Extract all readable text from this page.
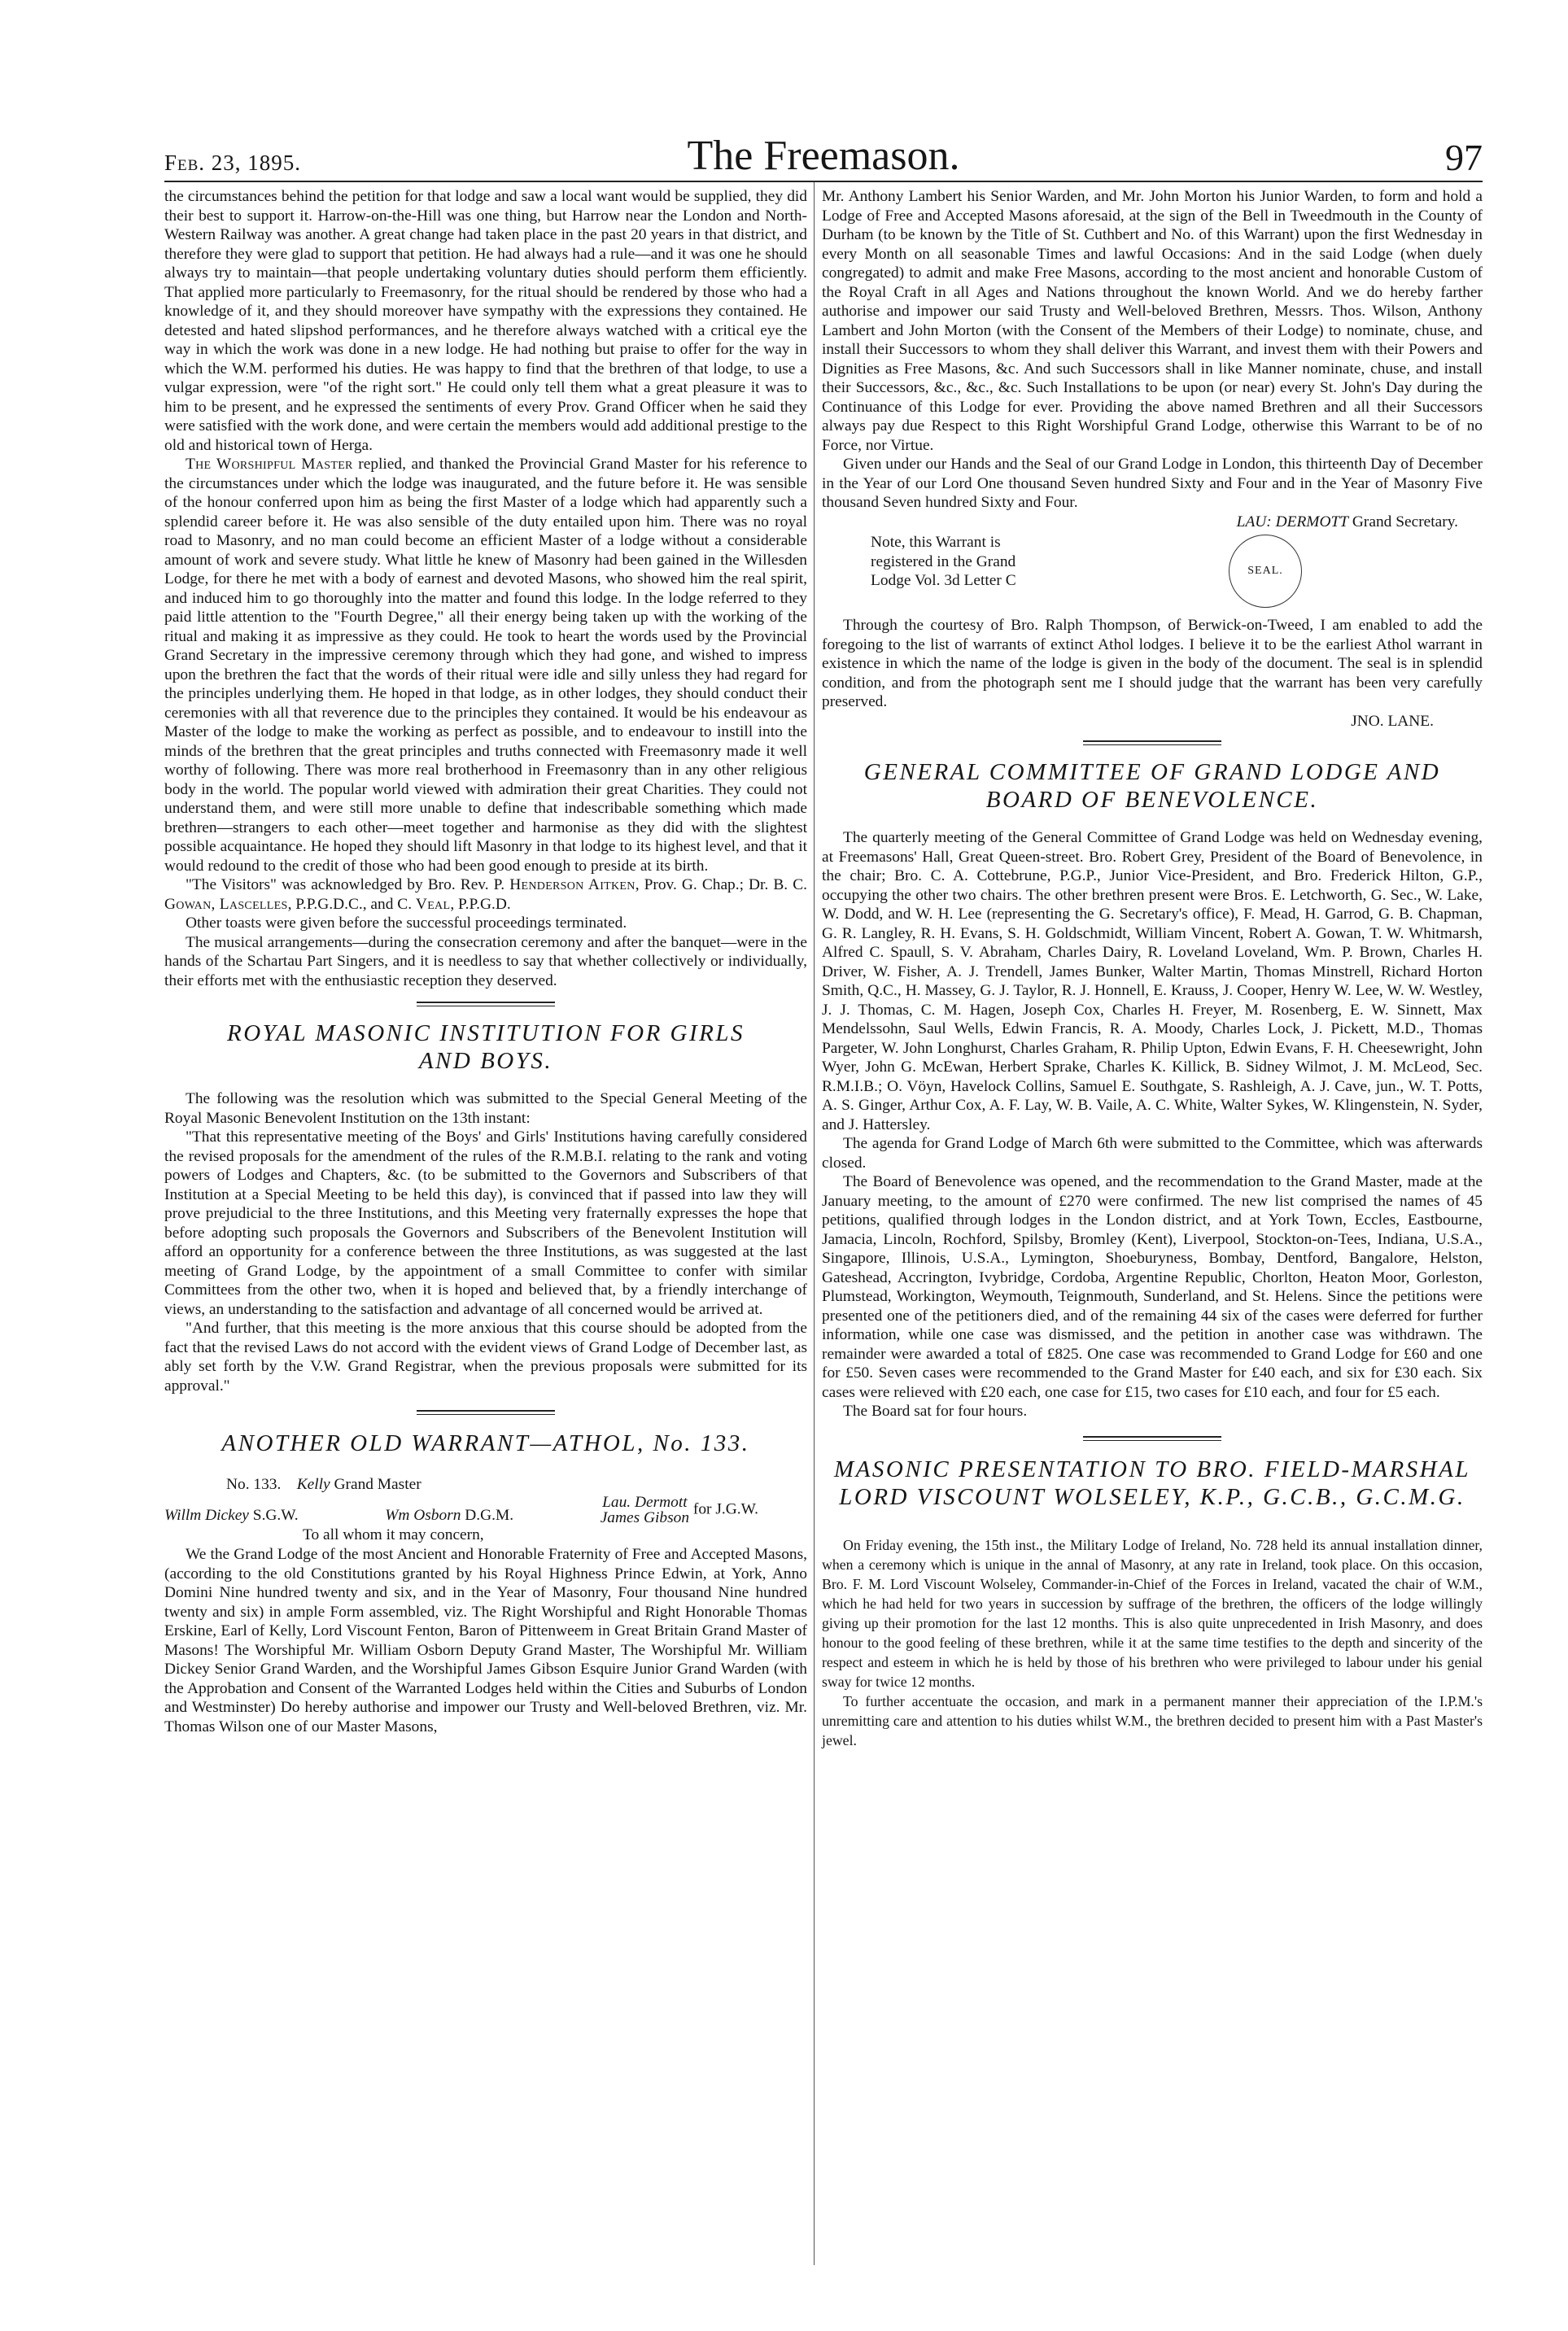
Feb. 23, 1895.	The Freemason.	97

the circumstances behind the petition for that lodge and saw a local want would be supplied, they did their best to support it. Harrow-on-the-Hill was one thing, but Harrow near the London and North-Western Railway was another. A great change had taken place in the past 20 years in that district, and therefore they were glad to support that petition. He had always had a rule—and it was one he should always try to maintain—that people undertaking voluntary duties should perform them efficiently. That applied more particularly to Freemasonry, for the ritual should be rendered by those who had a knowledge of it, and they should moreover have sympathy with the expressions they contained. He detested and hated slipshod performances, and he therefore always watched with a critical eye the way in which the work was done in a new lodge. He had nothing but praise to offer for the way in which the W.M. performed his duties. He was happy to find that the brethren of that lodge, to use a vulgar expression, were "of the right sort." He could only tell them what a great pleasure it was to him to be present, and he expressed the sentiments of every Prov. Grand Officer when he said they were satisfied with the work done, and were certain the members would add additional prestige to the old and historical town of Herga.

The Worshipful Master replied, and thanked the Provincial Grand Master for his reference to the circumstances under which the lodge was inaugurated, and the future before it. He was sensible of the honour conferred upon him as being the first Master of a lodge which had apparently such a splendid career before it. He was also sensible of the duty entailed upon him. There was no royal road to Masonry, and no man could become an efficient Master of a lodge without a considerable amount of work and severe study. What little he knew of Masonry had been gained in the Willesden Lodge, for there he met with a body of earnest and devoted Masons, who showed him the real spirit, and induced him to go thoroughly into the matter and found this lodge. In the lodge referred to they paid little attention to the "Fourth Degree," all their energy being taken up with the working of the ritual and making it as impressive as they could. He took to heart the words used by the Provincial Grand Secretary in the impressive ceremony through which they had gone, and wished to impress upon the brethren the fact that the words of their ritual were idle and silly unless they had regard for the principles underlying them. He hoped in that lodge, as in other lodges, they should conduct their ceremonies with all that reverence due to the principles they contained. It would be his endeavour as Master of the lodge to make the working as perfect as possible, and to endeavour to instill into the minds of the brethren that the great principles and truths connected with Freemasonry made it well worthy of following. There was more real brotherhood in Freemasonry than in any other religious body in the world. The popular world viewed with admiration their great Charities. They could not understand them, and were still more unable to define that indescribable something which made brethren—strangers to each other—meet together and harmonise as they did with the slightest possible acquaintance. He hoped they should lift Masonry in that lodge to its highest level, and that it would redound to the credit of those who had been good enough to preside at its birth.

"The Visitors" was acknowledged by Bro. Rev. P. Henderson Aitken, Prov. G. Chap.; Dr. B. C. Gowan, Lascelles, P.P.G.D.C., and C. Veal, P.P.G.D.

Other toasts were given before the successful proceedings terminated.

The musical arrangements—during the consecration ceremony and after the banquet—were in the hands of the Schartau Part Singers, and it is needless to say that whether collectively or individually, their efforts met with the enthusiastic reception they deserved.

ROYAL MASONIC INSTITUTION FOR GIRLS
AND BOYS.

The following was the resolution which was submitted to the Special General Meeting of the Royal Masonic Benevolent Institution on the 13th instant:

"That this representative meeting of the Boys' and Girls' Institutions having carefully considered the revised proposals for the amendment of the rules of the R.M.B.I. relating to the rank and voting powers of Lodges and Chapters, &c. (to be submitted to the Governors and Subscribers of that Institution at a Special Meeting to be held this day), is convinced that if passed into law they will prove prejudicial to the three Institutions, and this Meeting very fraternally expresses the hope that before adopting such proposals the Governors and Subscribers of the Benevolent Institution will afford an opportunity for a conference between the three Institutions, as was suggested at the last meeting of Grand Lodge, by the appointment of a small Committee to confer with similar Committees from the other two, when it is hoped and believed that, by a friendly interchange of views, an understanding to the satisfaction and advantage of all concerned would be arrived at.

"And further, that this meeting is the more anxious that this course should be adopted from the fact that the revised Laws do not accord with the evident views of Grand Lodge of December last, as ably set forth by the V.W. Grand Registrar, when the previous proposals were submitted for its approval."

ANOTHER OLD WARRANT—ATHOL, No. 133.
No. 133. Kelly Grand Master
Willm Dickey S.G.W.	Wm Osborn D.G.M.
Lau. Dermott
James Gibson for J.G.W.
To all whom it may concern,

We the Grand Lodge of the most Ancient and Honorable Fraternity of Free and Accepted Masons, (according to the old Constitutions granted by his Royal Highness Prince Edwin, at York, Anno Domini Nine hundred twenty and six, and in the Year of Masonry, Four thousand Nine hundred twenty and six) in ample Form assembled, viz. The Right Worshipful and Right Honorable Thomas Erskine, Earl of Kelly, Lord Viscount Fenton, Baron of Pittenweem in Great Britain Grand Master of Masons! The Worshipful Mr. William Osborn Deputy Grand Master, The Worshipful Mr. William Dickey Senior Grand Warden, and the Worshipful James Gibson Esquire Junior Grand Warden (with the Approbation and Consent of the Warranted Lodges held within the Cities and Suburbs of London and Westminster) Do hereby authorise and impower our Trusty and Well-beloved Brethren, viz. Mr. Thomas Wilson one of our Master Masons,

Mr. Anthony Lambert his Senior Warden, and Mr. John Morton his Junior Warden, to form and hold a Lodge of Free and Accepted Masons aforesaid, at the sign of the Bell in Tweedmouth in the County of Durham (to be known by the Title of St. Cuthbert and No. of this Warrant) upon the first Wednesday in every Month on all seasonable Times and lawful Occasions: And in the said Lodge (when duely congregated) to admit and make Free Masons, according to the most ancient and honorable Custom of the Royal Craft in all Ages and Nations throughout the known World. And we do hereby farther authorise and impower our said Trusty and Well-beloved Brethren, Messrs. Thos. Wilson, Anthony Lambert and John Morton (with the Consent of the Members of their Lodge) to nominate, chuse, and install their Successors to whom they shall deliver this Warrant, and invest them with their Powers and Dignities as Free Masons, &c. And such Successors shall in like Manner nominate, chuse, and install their Successors, &c., &c., &c. Such Installations to be upon (or near) every St. John's Day during the Continuance of this Lodge for ever. Providing the above named Brethren and all their Successors always pay due Respect to this Right Worshipful Grand Lodge, otherwise this Warrant to be of no Force, nor Virtue.

Given under our Hands and the Seal of our Grand Lodge in London, this thirteenth Day of December in the Year of our Lord One thousand Seven hundred Sixty and Four and in the Year of Masonry Five thousand Seven hundred Sixty and Four.

LAU: DERMOTT Grand Secretary.
Note, this Warrant is
registered in the Grand
Lodge Vol. 3d Letter C
SEAL.

Through the courtesy of Bro. Ralph Thompson, of Berwick-on-Tweed, I am enabled to add the foregoing to the list of warrants of extinct Athol lodges. I believe it to be the earliest Athol warrant in existence in which the name of the lodge is given in the body of the document. The seal is in splendid condition, and from the photograph sent me I should judge that the warrant has been very carefully preserved.

JNO. LANE.
GENERAL COMMITTEE OF GRAND LODGE AND
BOARD OF BENEVOLENCE.

The quarterly meeting of the General Committee of Grand Lodge was held on Wednesday evening, at Freemasons' Hall, Great Queen-street. Bro. Robert Grey, President of the Board of Benevolence, in the chair; Bro. C. A. Cottebrune, P.G.P., Junior Vice-President, and Bro. Frederick Hilton, G.P., occupying the other two chairs. The other brethren present were Bros. E. Letchworth, G. Sec., W. Lake, W. Dodd, and W. H. Lee (representing the G. Secretary's office), F. Mead, H. Garrod, G. B. Chapman, G. R. Langley, R. H. Evans, S. H. Goldschmidt, William Vincent, Robert A. Gowan, T. W. Whitmarsh, Alfred C. Spaull, S. V. Abraham, Charles Dairy, R. Loveland Loveland, Wm. P. Brown, Charles H. Driver, W. Fisher, A. J. Trendell, James Bunker, Walter Martin, Thomas Minstrell, Richard Horton Smith, Q.C., H. Massey, G. J. Taylor, R. J. Honnell, E. Krauss, J. Cooper, Henry W. Lee, W. W. Westley, J. J. Thomas, C. M. Hagen, Joseph Cox, Charles H. Freyer, M. Rosenberg, E. W. Sinnett, Max Mendelssohn, Saul Wells, Edwin Francis, R. A. Moody, Charles Lock, J. Pickett, M.D., Thomas Pargeter, W. John Longhurst, Charles Graham, R. Philip Upton, Edwin Evans, F. H. Cheesewright, John Wyer, John G. McEwan, Herbert Sprake, Charles K. Killick, B. Sidney Wilmot, J. M. McLeod, Sec. R.M.I.B.; O. Vöyn, Havelock Collins, Samuel E. Southgate, S. Rashleigh, A. J. Cave, jun., W. T. Potts, A. S. Ginger, Arthur Cox, A. F. Lay, W. B. Vaile, A. C. White, Walter Sykes, W. Klingenstein, N. Syder, and J. Hattersley.

The agenda for Grand Lodge of March 6th were submitted to the Committee, which was afterwards closed.

The Board of Benevolence was opened, and the recommendation to the Grand Master, made at the January meeting, to the amount of £270 were confirmed. The new list comprised the names of 45 petitions, qualified through lodges in the London district, and at York Town, Eccles, Eastbourne, Jamacia, Lincoln, Rochford, Spilsby, Bromley (Kent), Liverpool, Stockton-on-Tees, Indiana, U.S.A., Singapore, Illinois, U.S.A., Lymington, Shoeburyness, Bombay, Dentford, Bangalore, Helston, Gateshead, Accrington, Ivybridge, Cordoba, Argentine Republic, Chorlton, Heaton Moor, Gorleston, Plumstead, Workington, Weymouth, Teignmouth, Sunderland, and St. Helens. Since the petitions were presented one of the petitioners died, and of the remaining 44 six of the cases were deferred for further information, while one case was dismissed, and the petition in another case was withdrawn. The remainder were awarded a total of £825. One case was recommended to Grand Lodge for £60 and one for £50. Seven cases were recommended to the Grand Master for £40 each, and six for £30 each. Six cases were relieved with £20 each, one case for £15, two cases for £10 each, and four for £5 each.

The Board sat for four hours.

MASONIC PRESENTATION TO BRO. FIELD-MARSHAL
LORD VISCOUNT WOLSELEY, K.P., G.C.B., G.C.M.G.

On Friday evening, the 15th inst., the Military Lodge of Ireland, No. 728 held its annual installation dinner, when a ceremony which is unique in the annal of Masonry, at any rate in Ireland, took place. On this occasion, Bro. F. M. Lord Viscount Wolseley, Commander-in-Chief of the Forces in Ireland, vacated the chair of W.M., which he had held for two years in succession by suffrage of the brethren, the officers of the lodge willingly giving up their promotion for the last 12 months. This is also quite unprecedented in Irish Masonry, and does honour to the good feeling of these brethren, while it at the same time testifies to the depth and sincerity of the respect and esteem in which he is held by those of his brethren who were privileged to labour under his genial sway for twice 12 months.

To further accentuate the occasion, and mark in a permanent manner their appreciation of the I.P.M.'s unremitting care and attention to his duties whilst W.M., the brethren decided to present him with a Past Master's jewel.
